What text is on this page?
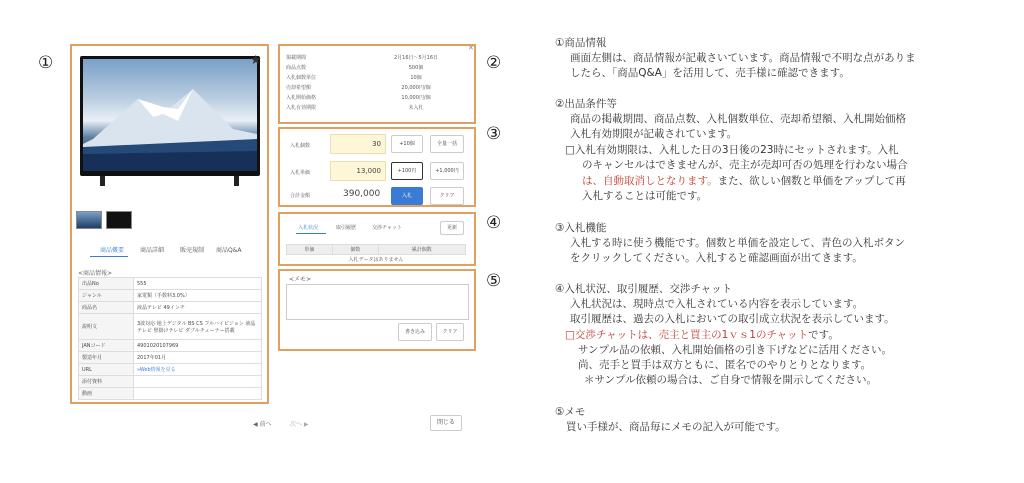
①	②
③
④
⑤
★
商品概要	商品詳細	販売規制 商品Q&A
<商品情報>
出品No	555
ジャンル	家電類（手数料3.0%）
商品名	液晶テレビ 49インチ
説明文	3波対応 地上デジタル BS CS フルハイビジョン 液晶テレビ 壁掛けテレビ ダブルチューナー搭載
JANコード	4901020107969
製造年月	2017年01月
URL	»Web情報を見る
添付資料	
動画	
◀ 前へ	次へ ▶	閉じる
✕
掲載期間	2月16日〜5月16日
商品点数	500個
入札個数単位	10個
売却希望額	20,000円/個
入札開始価格	10,000円/個
入札有効期限	未入札
入札個数	30	+10個	全量一括
入札単価	13,000	+100円	+1,000円
合計金額	390,000	入札	クリア
入札状況	取引履歴	交渉チャット	更新
単価	個数	累計個数
入札データはありません
<メモ>
書き込み	クリア
①商品情報
画面左側は、商品情報が記載さいています。商品情報で不明な点がありま
したら、「商品Q&A」を活用して、売手様に確認できます。
②出品条件等
商品の掲載期間、商品点数、入札個数単位、売却希望額、入札開始価格
入札有効期限が記載されています。
□入札有効期限は、入札した日の3日後の23時にセットされます。入札
のキャンセルはできませんが、売主が売却可否の処理を行わない場合
は、自動取消しとなります。また、欲しい個数と単価をアップして再
入札することは可能です。
③入札機能
入札する時に使う機能です。個数と単価を設定して、青色の入札ボタン
をクリックしてください。入札すると確認画面が出てきます。
④入札状況、取引履歴、交渉チャット
入札状況は、現時点で入札されている内容を表示しています。
取引履歴は、過去の入札においての取引成立状況を表示しています。
□交渉チャットは、売主と買主の1ｖｓ1のチャットです。
サンプル品の依頼、入札開始価格の引き下げなどに活用ください。
尚、売手と買手は双方ともに、匿名でのやりとりとなります。
＊サンプル依頼の場合は、ご自身で情報を開示してください。
⑤メモ
買い手様が、商品毎にメモの記入が可能です。
